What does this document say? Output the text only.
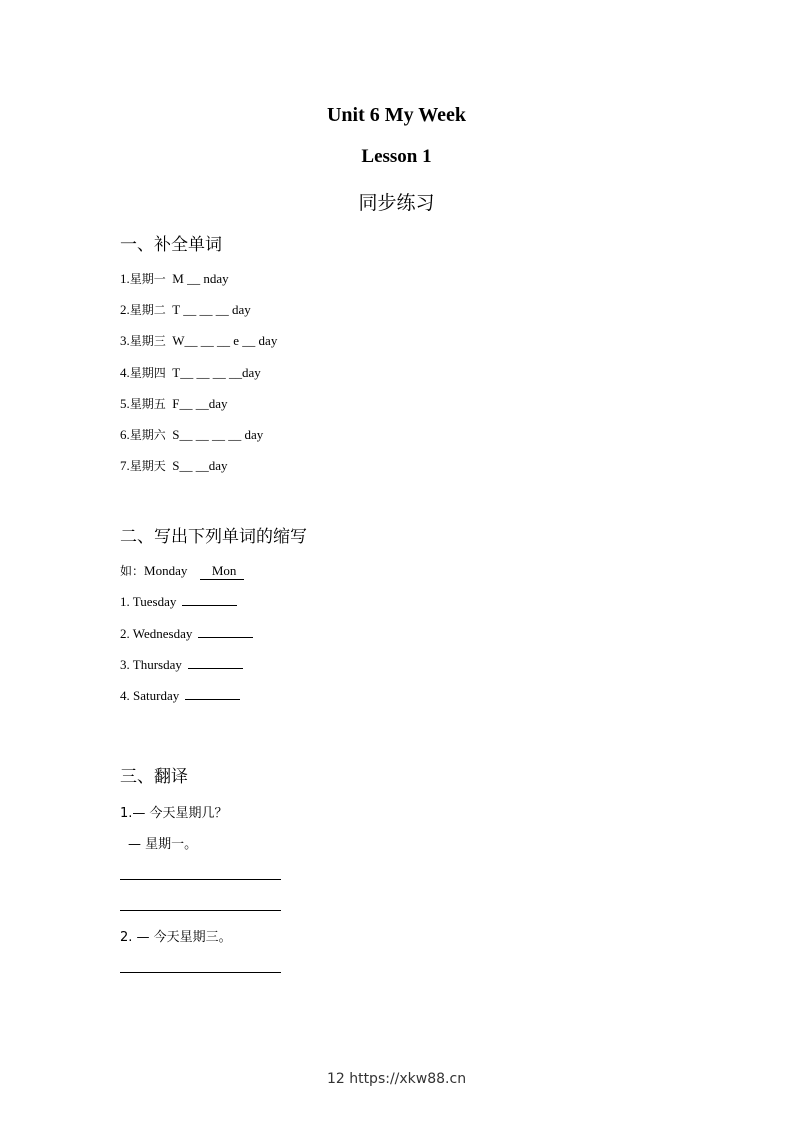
Unit 6 My Week
Lesson 1
同步练习
一、补全单词
1.星期一 M __ nday
2.星期二 T __ __ __ day
3.星期三 W__ __ __ e __ day
4.星期四 T__ __ __ __day
5.星期五 F__ __day
6.星期六 S__ __ __ __ day
7.星期天 S__ __day
二、写出下列单词的缩写
如：Monday Mon
1. Tuesday
2. Wednesday
3. Thursday
4. Saturday
三、翻译
1.— 今天星期几？
— 星期一。
2. — 今天星期三。
12 https://xkw88.cn
